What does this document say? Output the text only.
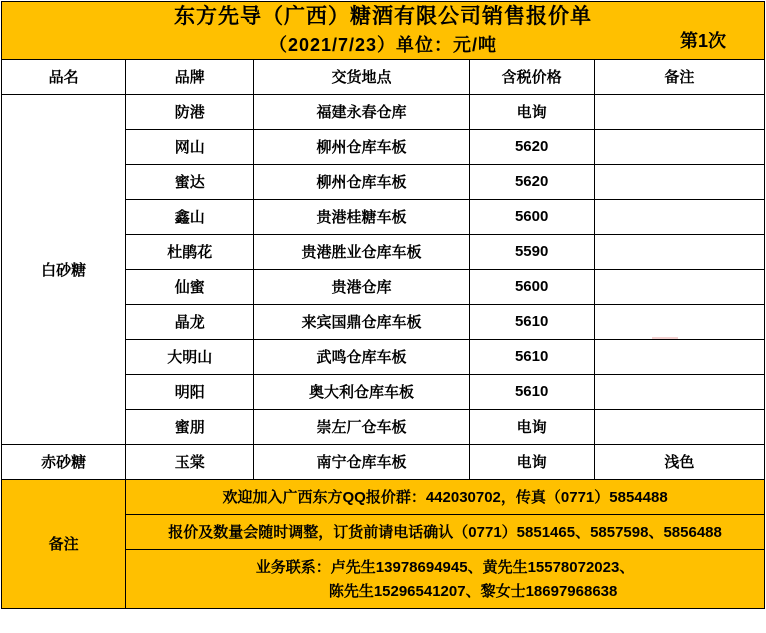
东方先导（广西）糖酒有限公司销售报价单
（2021/7/23）单位：元/吨 第1次				

品名	品牌	交货地点	含税价格	备注
白砂糖	防港	福建永春仓库	电询	
	网山	柳州仓库车板	5620	
	蜜达	柳州仓库车板	5620	
	鑫山	贵港桂糖车板	5600	
	杜鹃花	贵港胜业仓库车板	5590	
	仙蜜	贵港仓库	5600	
	晶龙	来宾国鼎仓库车板	5610	
	大明山	武鸣仓库车板	5610	
	明阳	奥大利仓库车板	5610	
	蜜朋	崇左厂仓车板	电询	
赤砂糖	玉棠	南宁仓库车板	电询	浅色
备注	欢迎加入广西东方QQ报价群：442030702，传真（0771）5854488			
	报价及数量会随时调整，订货前请电话确认（0771）5851465、5857598、5856488			
	业务联系：卢先生13978694945、黄先生15578072023、
陈先生15296541207、黎女士18697968638			
